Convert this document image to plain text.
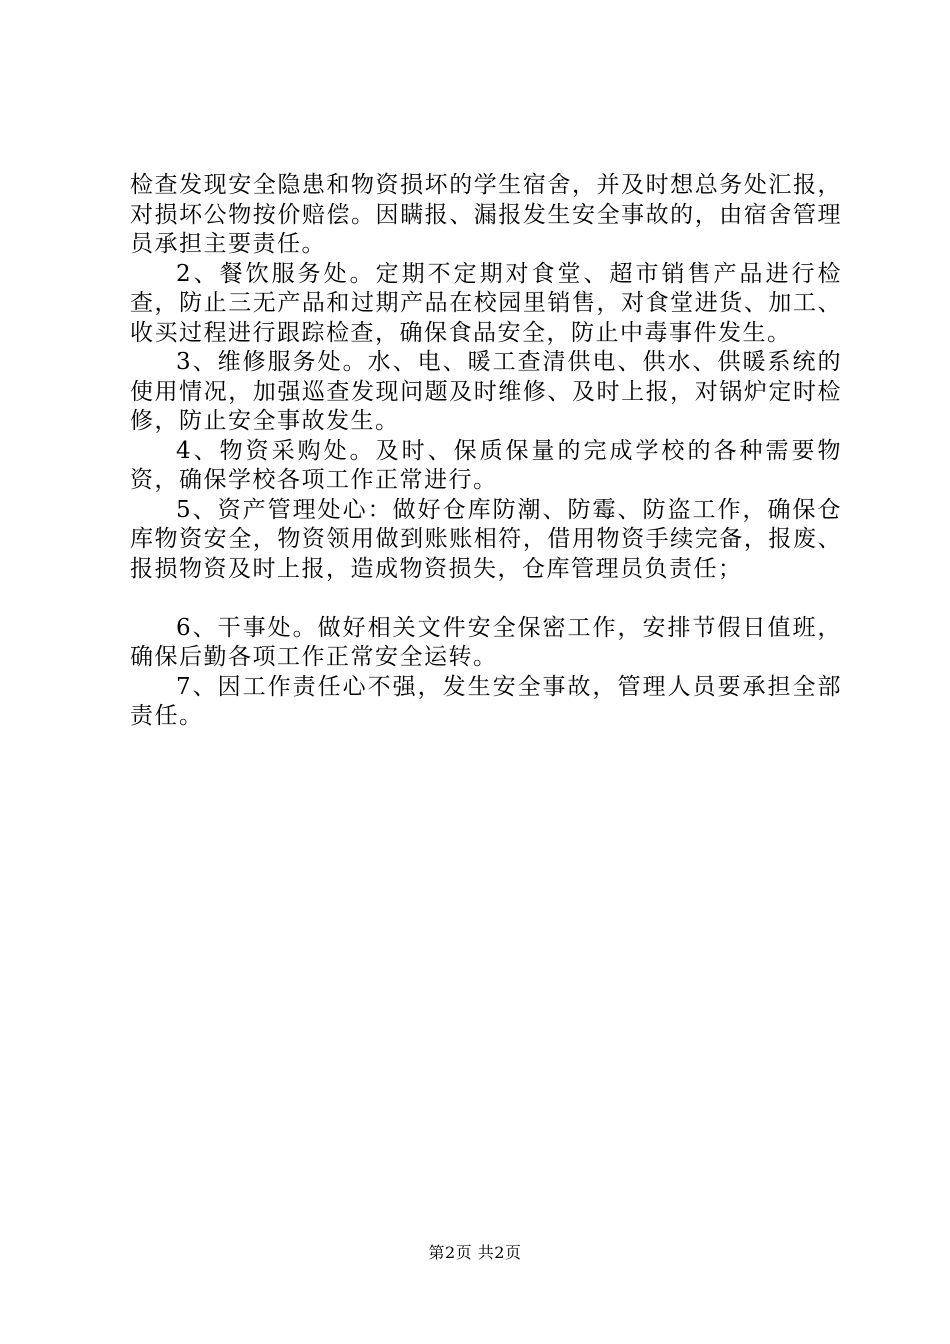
检查发现安全隐患和物资损坏的学生宿舍，并及时想总务处汇报，对损坏公物按价赔偿。因瞒报、漏报发生安全事故的，由宿舍管理员承担主要责任。

2、餐饮服务处。定期不定期对食堂、超市销售产品进行检查，防止三无产品和过期产品在校园里销售，对食堂进货、加工、收买过程进行跟踪检查，确保食品安全，防止中毒事件发生。

3、维修服务处。水、电、暖工查清供电、供水、供暖系统的使用情况，加强巡查发现问题及时维修、及时上报，对锅炉定时检修，防止安全事故发生。

4、物资采购处。及时、保质保量的完成学校的各种需要物资，确保学校各项工作正常进行。

5、资产管理处心：做好仓库防潮、防霉、防盗工作，确保仓库物资安全，物资领用做到账账相符，借用物资手续完备，报废、报损物资及时上报，造成物资损失，仓库管理员负责任；

6、干事处。做好相关文件安全保密工作，安排节假日值班，确保后勤各项工作正常安全运转。

7、因工作责任心不强，发生安全事故，管理人员要承担全部责任。

第2页 共2页
